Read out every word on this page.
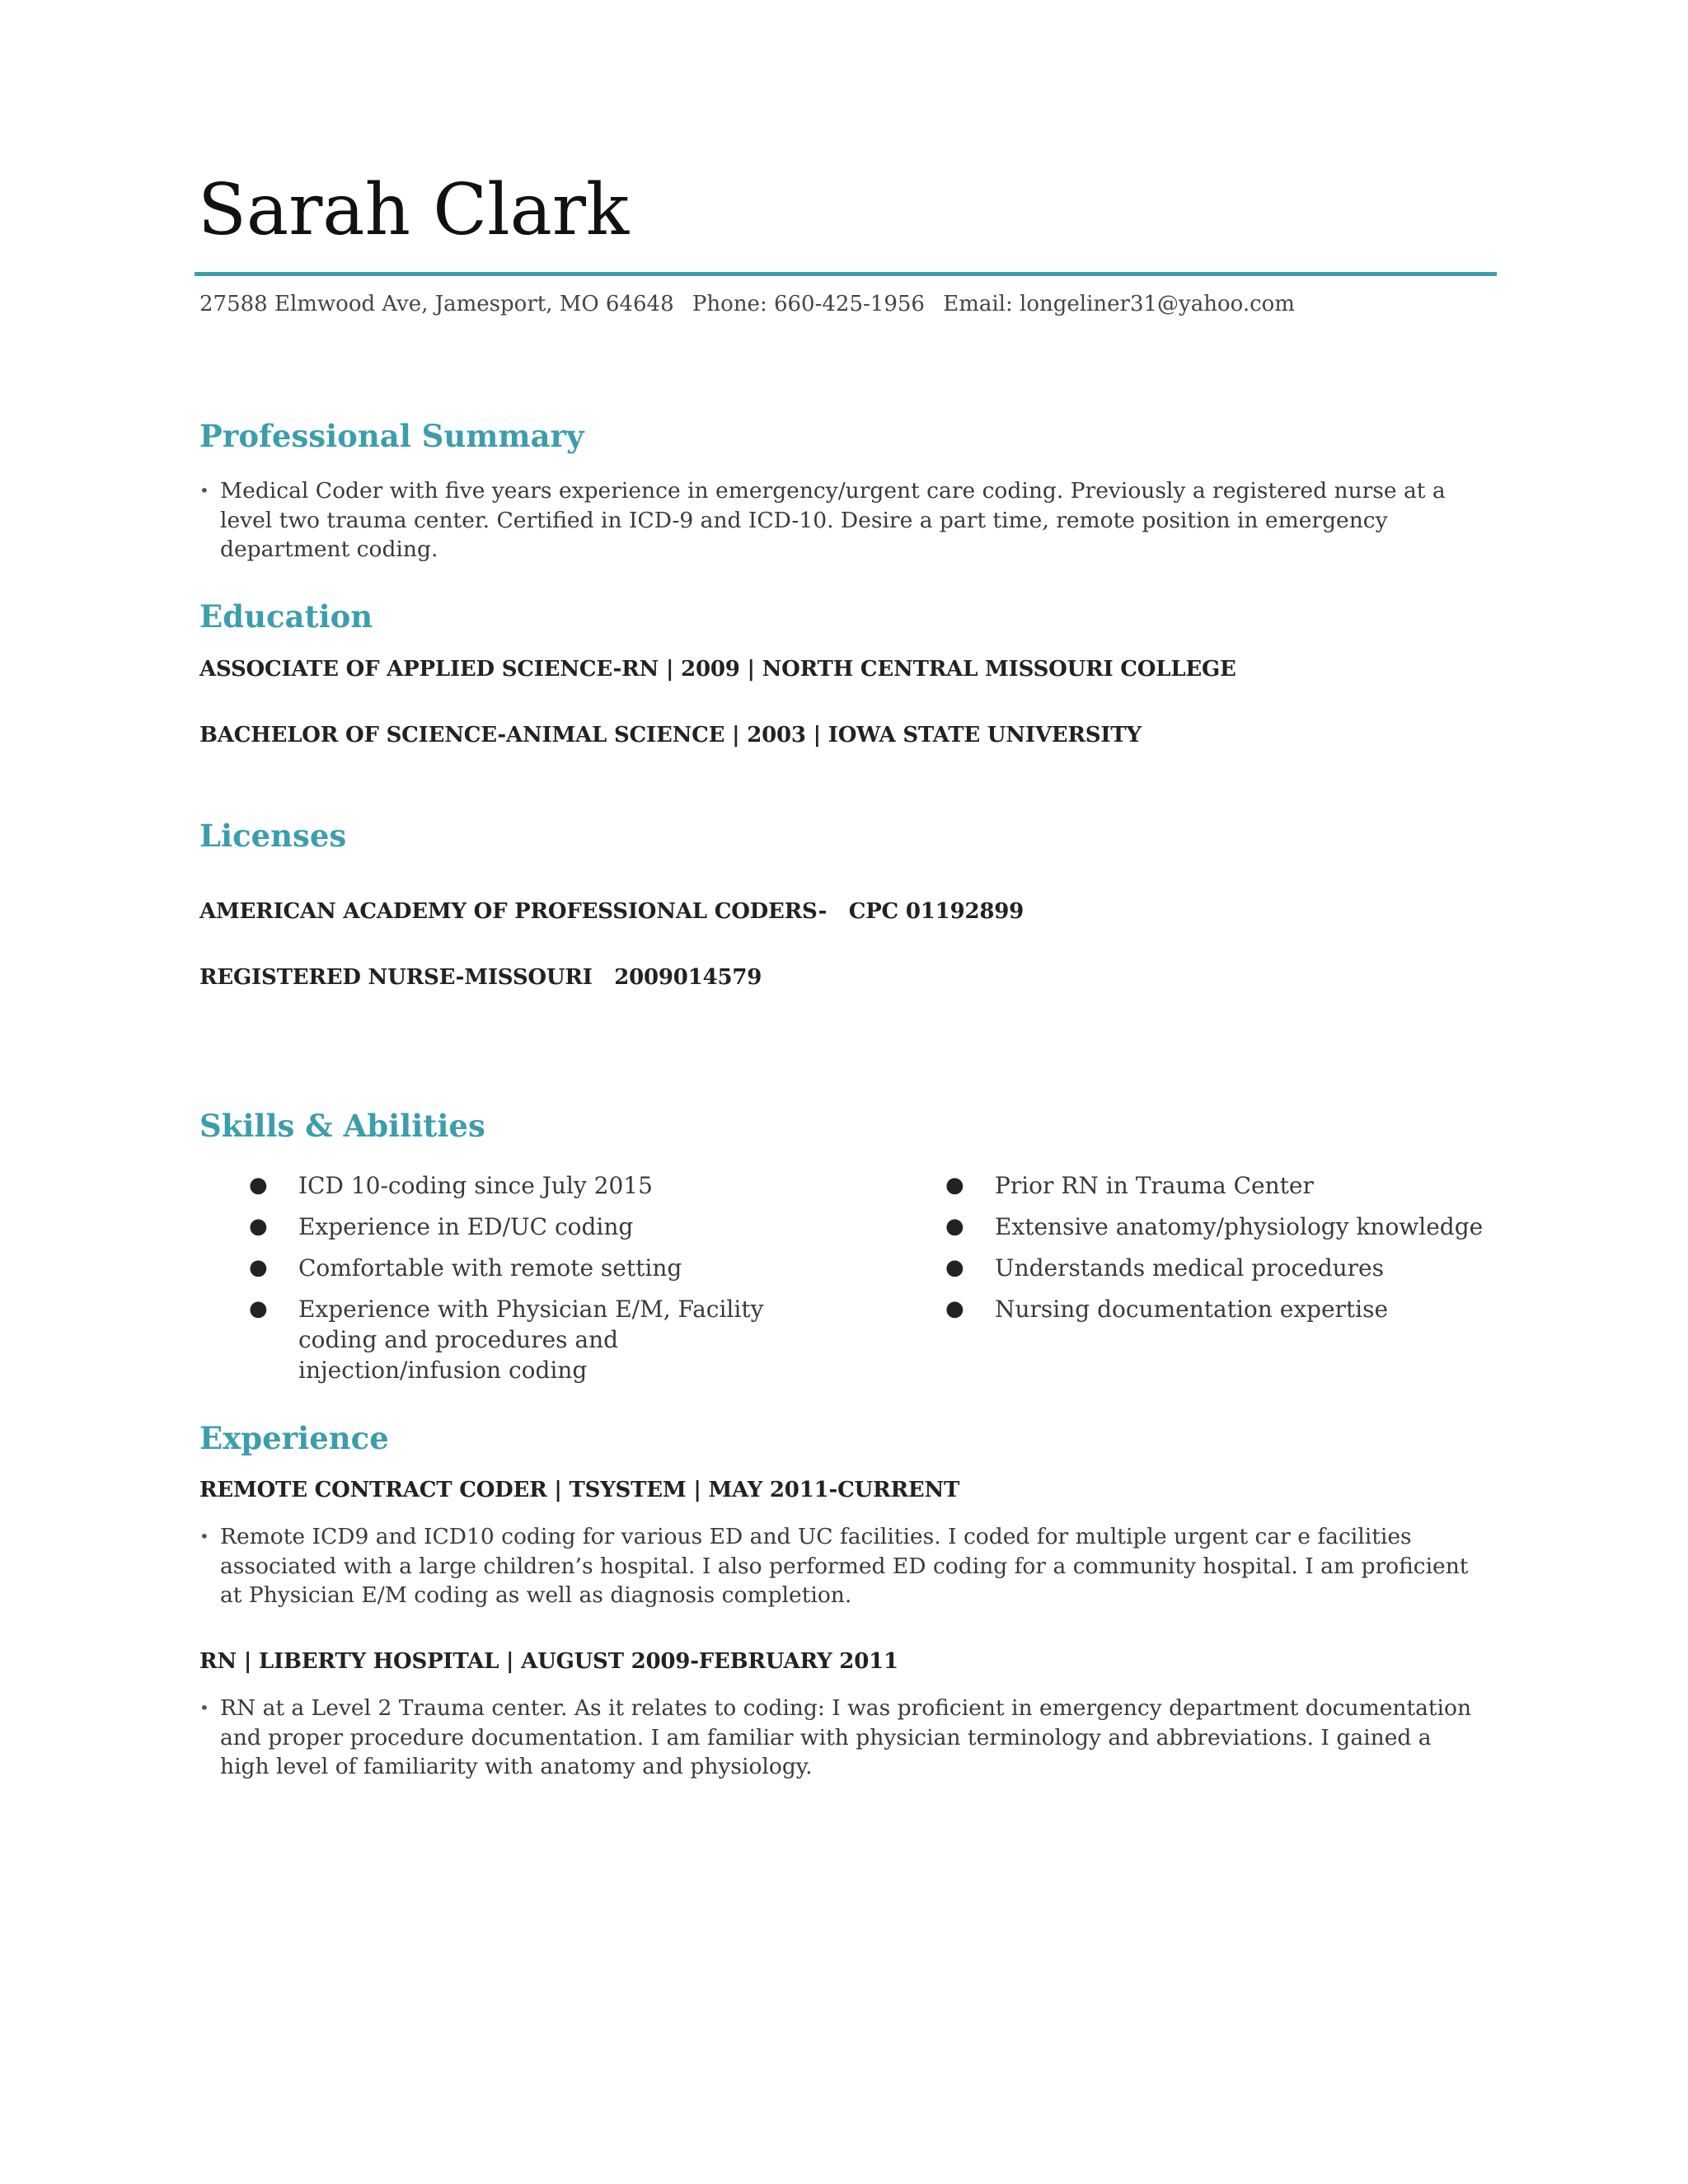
Sarah Clark
27588 Elmwood Ave, Jamesport, MO 64648 Phone: 660-425-1956 Email: longeliner31@yahoo.com
Professional Summary
• Medical Coder with five years experience in emergency/urgent care coding. Previously a registered nurse at a level two trauma center. Certified in ICD-9 and ICD-10. Desire a part time, remote position in emergency department coding.
Education
ASSOCIATE OF APPLIED SCIENCE-RN | 2009 | NORTH CENTRAL MISSOURI COLLEGE
BACHELOR OF SCIENCE-ANIMAL SCIENCE | 2003 | IOWA STATE UNIVERSITY
Licenses
AMERICAN ACADEMY OF PROFESSIONAL CODERS-   CPC 01192899
REGISTERED NURSE-MISSOURI   2009014579
Skills & Abilities
● ICD 10-coding since July 2015
● Experience in ED/UC coding
● Comfortable with remote setting
● Experience with Physician E/M, Facility coding and procedures and injection/infusion coding
● Prior RN in Trauma Center
● Extensive anatomy/physiology knowledge
● Understands medical procedures
● Nursing documentation expertise
Experience
REMOTE CONTRACT CODER | TSYSTEM | MAY 2011-CURRENT
• Remote ICD9 and ICD10 coding for various ED and UC facilities. I coded for multiple urgent car e facilities associated with a large children’s hospital. I also performed ED coding for a community hospital. I am proficient at Physician E/M coding as well as diagnosis completion.
RN | LIBERTY HOSPITAL | AUGUST 2009-FEBRUARY 2011
• RN at a Level 2 Trauma center. As it relates to coding: I was proficient in emergency department documentation and proper procedure documentation. I am familiar with physician terminology and abbreviations. I gained a high level of familiarity with anatomy and physiology.
